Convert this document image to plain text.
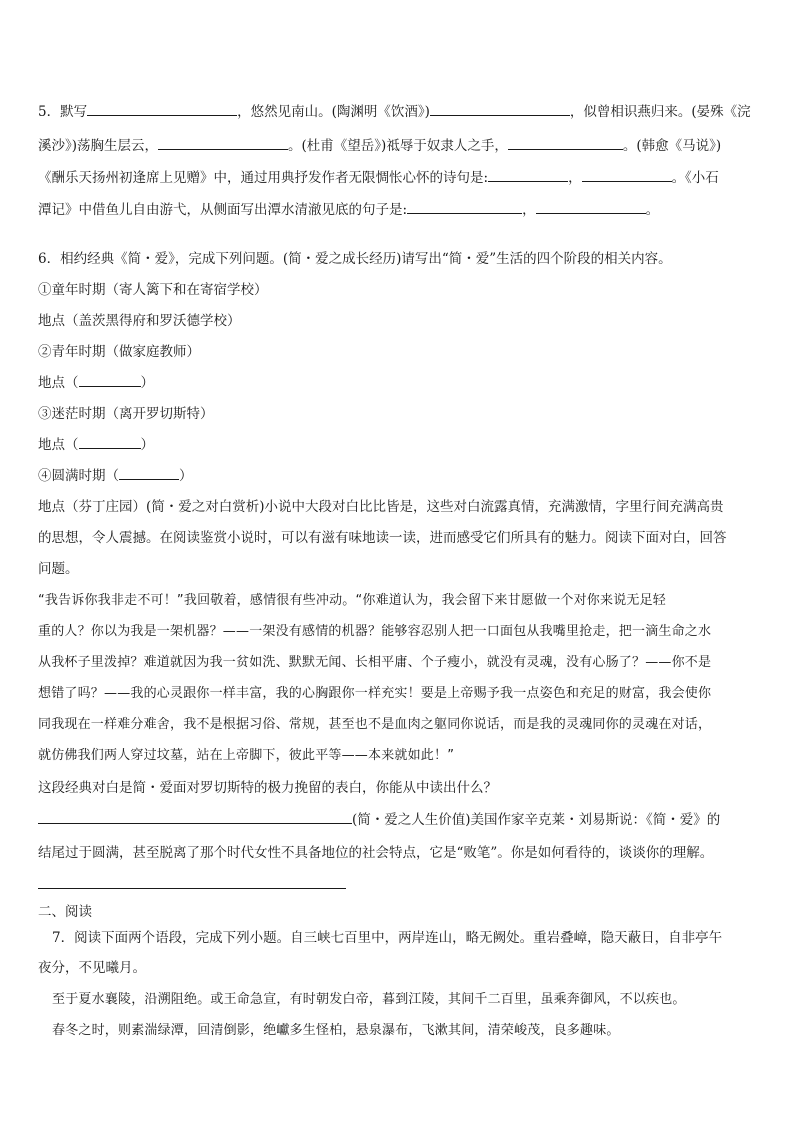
5．默写	，悠然见南山。(陶渊明《饮酒》)	，似曾相识燕归来。(晏殊《浣
溪沙》)荡胸生层云，	。(杜甫《望岳》)祗辱于奴隶人之手，	。(韩愈《马说》)
《酬乐天扬州初逢席上见赠》中，通过用典抒发作者无限惆怅心怀的诗句是:	，	。《小石
潭记》中借鱼儿自由游弋，从侧面写出潭水清澈见底的句子是:	，	。
6．相约经典《简・爱》，完成下列问题。(简・爱之成长经历)请写出“简・爱”生活的四个阶段的相关内容。
①童年时期（寄人篱下和在寄宿学校）
地点（盖茨黑得府和罗沃德学校）
②青年时期（做家庭教师）
地点（	）
③迷茫时期（离开罗切斯特）
地点（	）
④圆满时期（	）
地点（芬丁庄园）(简・爱之对白赏析)小说中大段对白比比皆是，这些对白流露真情，充满激情，字里行间充满高贵
的思想，令人震撼。在阅读鉴赏小说时，可以有滋有味地读一读，进而感受它们所具有的魅力。阅读下面对白，回答
问题。
“我告诉你我非走不可！”我回敬着，感情很有些冲动。“你难道认为，我会留下来甘愿做一个对你来说无足轻
重的人？你以为我是一架机器？——一架没有感情的机器？能够容忍别人把一口面包从我嘴里抢走，把一滴生命之水
从我杯子里泼掉？难道就因为我一贫如洗、默默无闻、长相平庸、个子瘦小，就没有灵魂，没有心肠了？——你不是
想错了吗？——我的心灵跟你一样丰富，我的心胸跟你一样充实！要是上帝赐予我一点姿色和充足的财富，我会使你
同我现在一样难分难舍，我不是根据习俗、常规，甚至也不是血肉之躯同你说话，而是我的灵魂同你的灵魂在对话，
就仿佛我们两人穿过坟墓，站在上帝脚下，彼此平等——本来就如此！”
这段经典对白是简・爱面对罗切斯特的极力挽留的表白，你能从中读出什么？
(简・爱之人生价值)美国作家辛克莱・刘易斯说：《简・爱》的
结尾过于圆满，甚至脱离了那个时代女性不具备地位的社会特点，它是“败笔”。你是如何看待的，谈谈你的理解。
二、阅读
7．阅读下面两个语段，完成下列小题。自三峡七百里中，两岸连山，略无阙处。重岩叠嶂，隐天蔽日，自非亭午
夜分，不见曦月。
至于夏水襄陵，沿溯阻绝。或王命急宣，有时朝发白帝，暮到江陵，其间千二百里，虽乘奔御风，不以疾也。
春冬之时，则素湍绿潭，回清倒影，绝巘多生怪柏，悬泉瀑布，飞漱其间，清荣峻茂，良多趣味。
